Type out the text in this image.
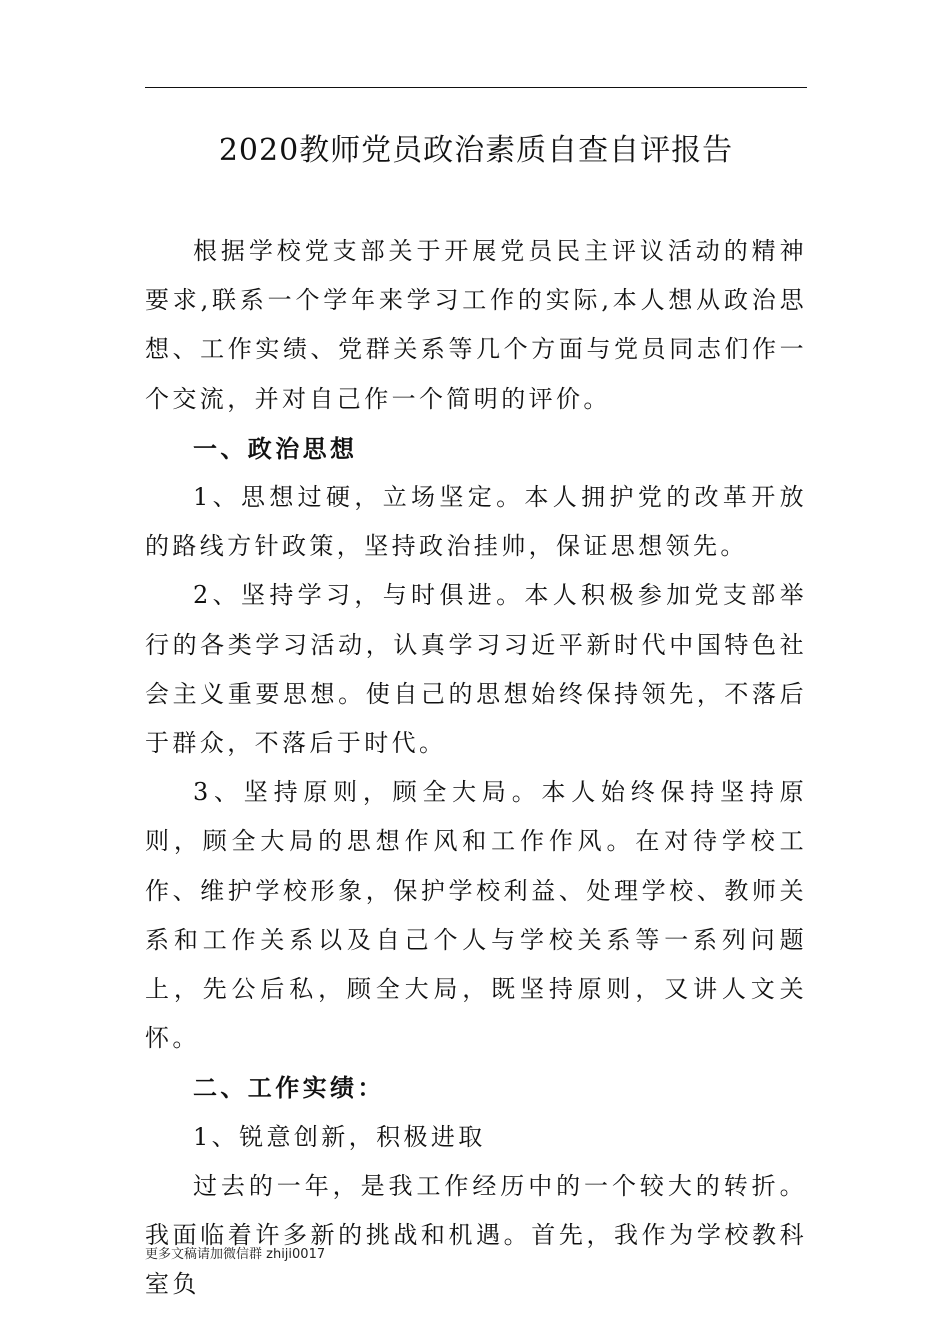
2020教师党员政治素质自查自评报告

根据学校党支部关于开展党员民主评议活动的精神要求,联系一个学年来学习工作的实际,本人想从政治思想、工作实绩、党群关系等几个方面与党员同志们作一个交流，并对自己作一个简明的评价。

一、政治思想

1、思想过硬，立场坚定。本人拥护党的改革开放的路线方针政策，坚持政治挂帅，保证思想领先。

2、坚持学习，与时俱进。本人积极参加党支部举行的各类学习活动，认真学习习近平新时代中国特色社会主义重要思想。使自己的思想始终保持领先，不落后于群众，不落后于时代。

3、坚持原则，顾全大局。本人始终保持坚持原则，顾全大局的思想作风和工作作风。在对待学校工作、维护学校形象，保护学校利益、处理学校、教师关系和工作关系以及自己个人与学校关系等一系列问题上，先公后私，顾全大局，既坚持原则，又讲人文关怀。

二、工作实绩：

1、锐意创新，积极进取

过去的一年，是我工作经历中的一个较大的转折。我面临着许多新的挑战和机遇。首先，我作为学校教科室负

更多文稿请加微信群 zhiji0017
